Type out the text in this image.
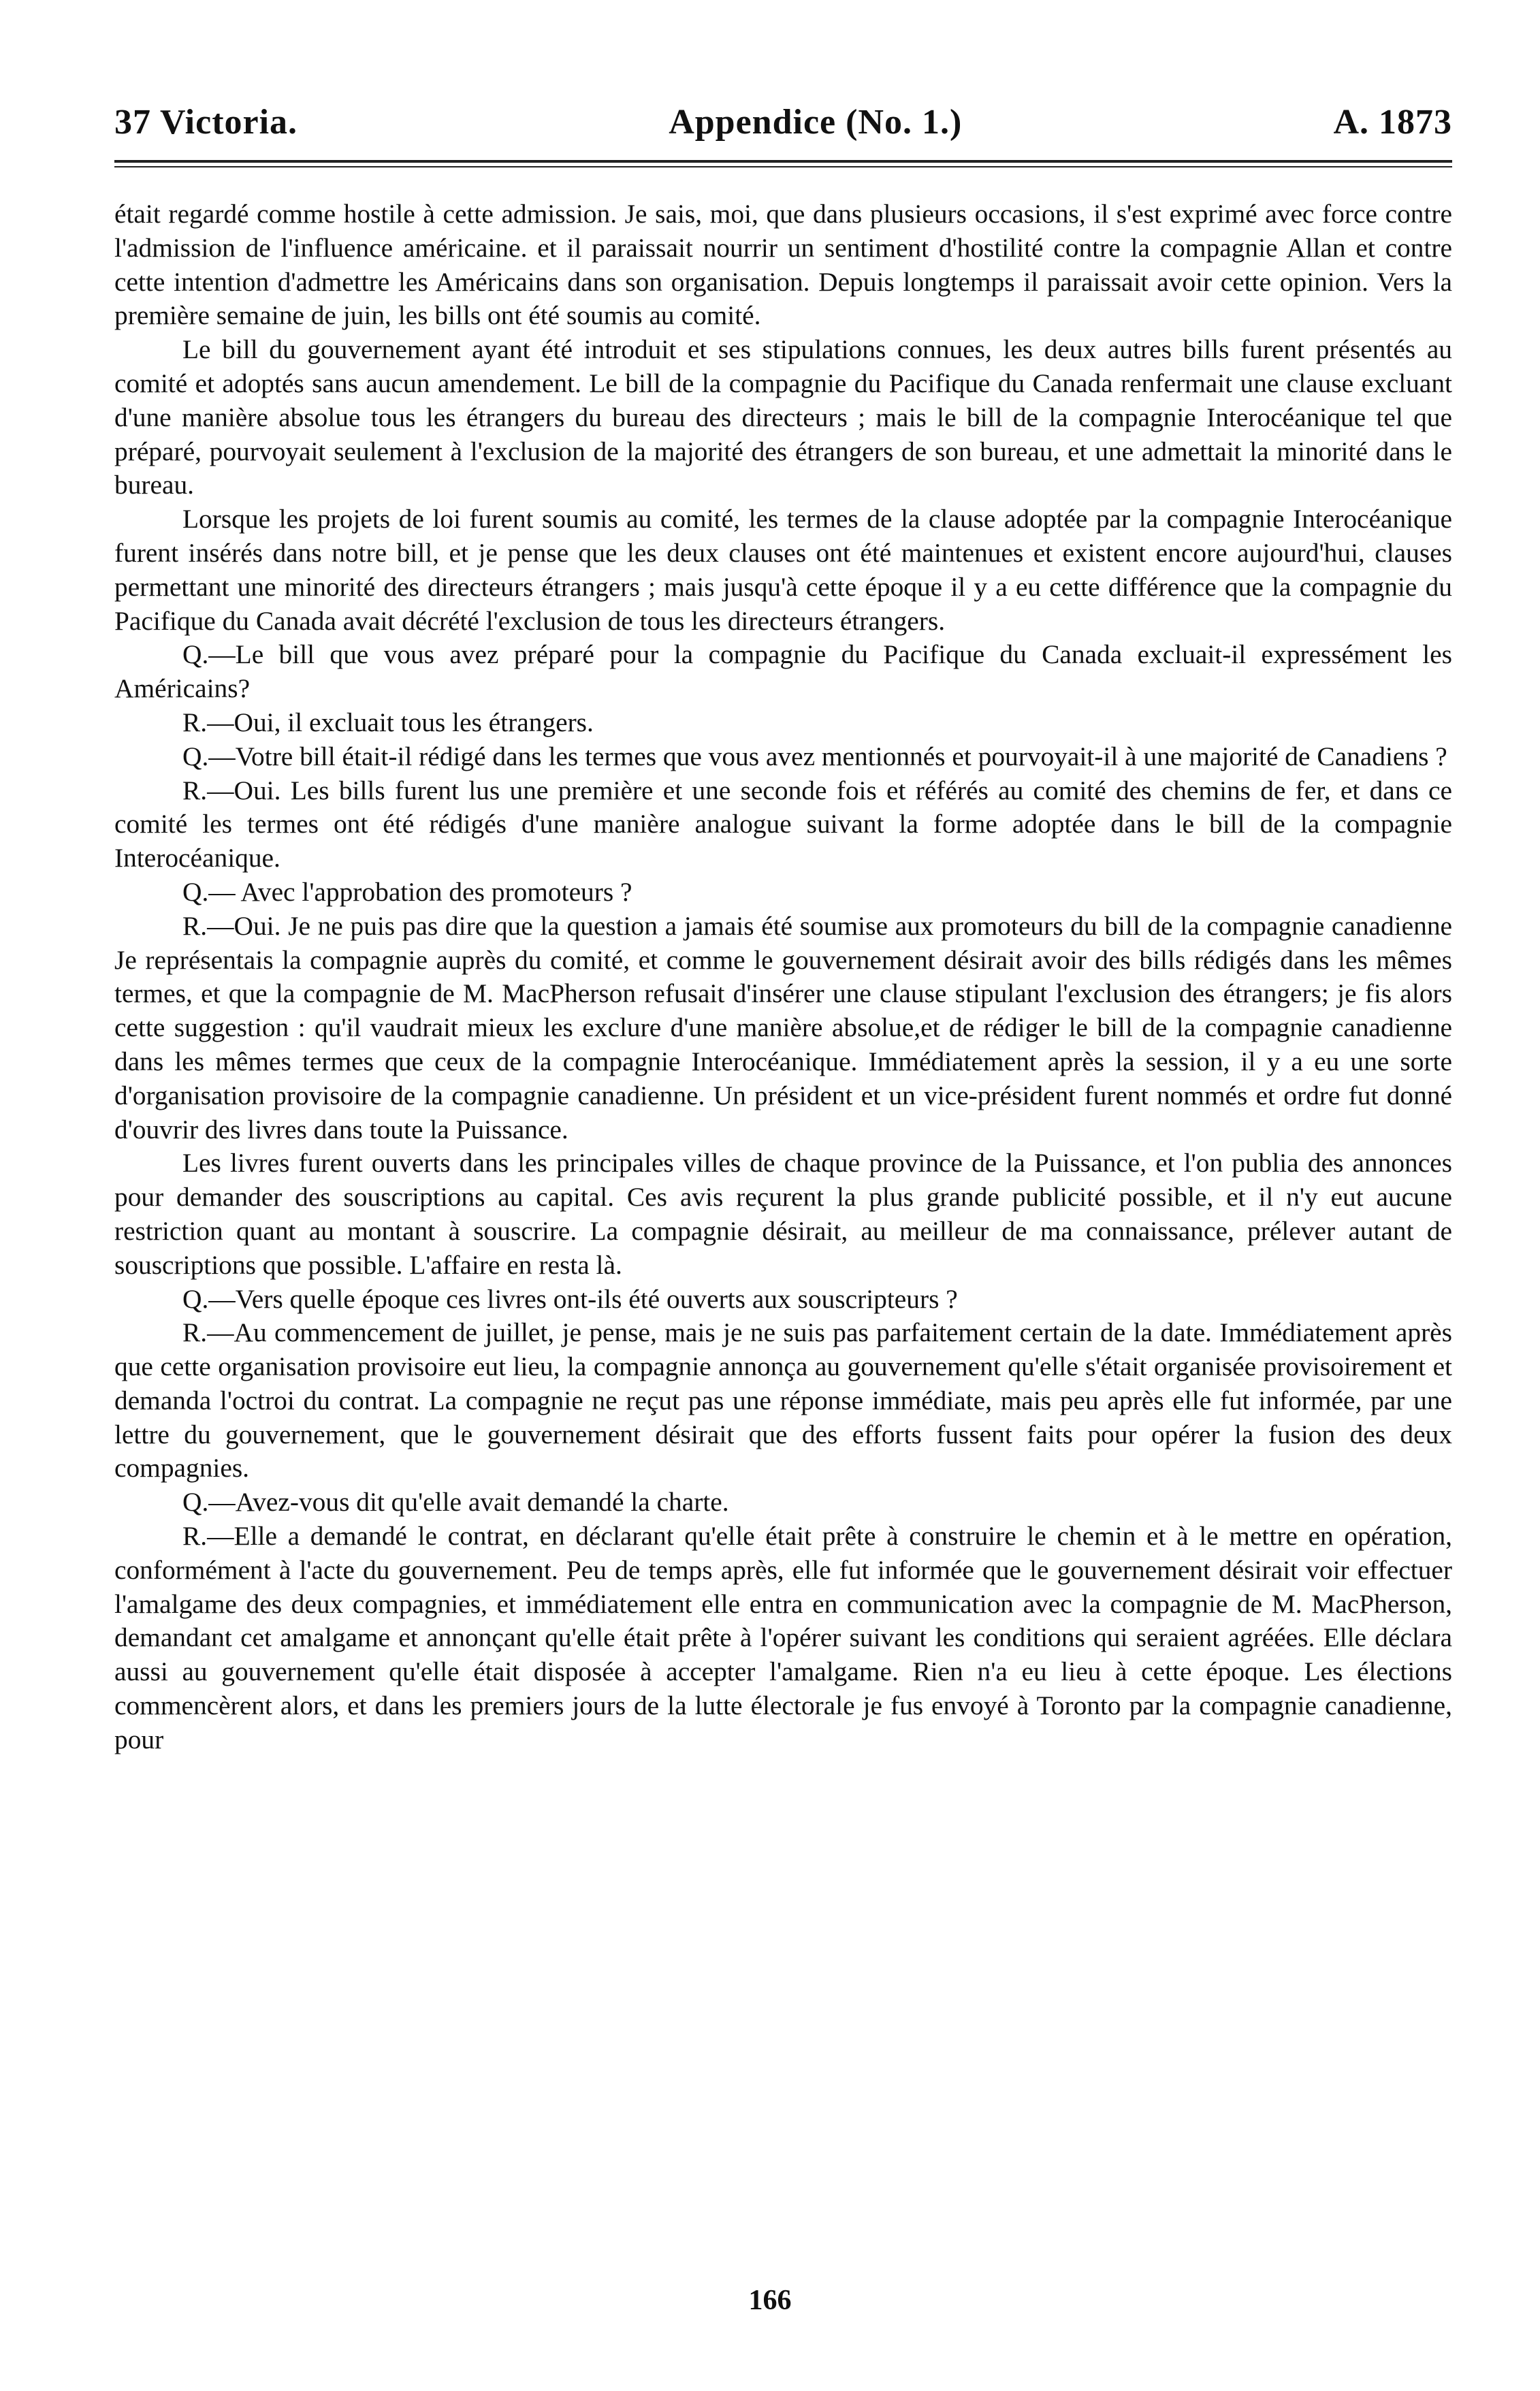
37 Victoria.	Appendice (No. 1.)	A. 1873

était regardé comme hostile à cette admission. Je sais, moi, que dans plusieurs occasions, il s'est exprimé avec force contre l'admission de l'influence américaine. et il paraissait nourrir un sentiment d'hostilité contre la compagnie Allan et contre cette intention d'admettre les Américains dans son organisation. Depuis longtemps il paraissait avoir cette opinion. Vers la première semaine de juin, les bills ont été soumis au comité.

Le bill du gouvernement ayant été introduit et ses stipulations connues, les deux autres bills furent présentés au comité et adoptés sans aucun amendement. Le bill de la compagnie du Pacifique du Canada renfermait une clause excluant d'une manière absolue tous les étrangers du bureau des directeurs ; mais le bill de la compagnie Interocéanique tel que préparé, pourvoyait seulement à l'exclusion de la majorité des étrangers de son bureau, et une admettait la minorité dans le bureau.

Lorsque les projets de loi furent soumis au comité, les termes de la clause adoptée par la compagnie Interocéanique furent insérés dans notre bill, et je pense que les deux clauses ont été maintenues et existent encore aujourd'hui, clauses permettant une minorité des directeurs étrangers ; mais jusqu'à cette époque il y a eu cette différence que la compagnie du Pacifique du Canada avait décrété l'exclusion de tous les directeurs étrangers.

Q.—Le bill que vous avez préparé pour la compagnie du Pacifique du Canada excluait-il expressément les Américains?

R.—Oui, il excluait tous les étrangers.

Q.—Votre bill était-il rédigé dans les termes que vous avez mentionnés et pourvoyait-il à une majorité de Canadiens ?

R.—Oui. Les bills furent lus une première et une seconde fois et référés au comité des chemins de fer, et dans ce comité les termes ont été rédigés d'une manière analogue suivant la forme adoptée dans le bill de la compagnie Interocéanique.

Q.— Avec l'approbation des promoteurs ?

R.—Oui. Je ne puis pas dire que la question a jamais été soumise aux promoteurs du bill de la compagnie canadienne Je représentais la compagnie auprès du comité, et comme le gouvernement désirait avoir des bills rédigés dans les mêmes termes, et que la compagnie de M. MacPherson refusait d'insérer une clause stipulant l'exclusion des étrangers; je fis alors cette suggestion : qu'il vaudrait mieux les exclure d'une manière absolue,et de rédiger le bill de la compagnie canadienne dans les mêmes termes que ceux de la compagnie Interocéanique. Immédiatement après la session, il y a eu une sorte d'organisation provisoire de la compagnie canadienne. Un président et un vice-président furent nommés et ordre fut donné d'ouvrir des livres dans toute la Puissance.

Les livres furent ouverts dans les principales villes de chaque province de la Puissance, et l'on publia des annonces pour demander des souscriptions au capital. Ces avis reçurent la plus grande publicité possible, et il n'y eut aucune restriction quant au montant à souscrire. La compagnie désirait, au meilleur de ma connaissance, prélever autant de souscriptions que possible. L'affaire en resta là.

Q.—Vers quelle époque ces livres ont-ils été ouverts aux souscripteurs ?

R.—Au commencement de juillet, je pense, mais je ne suis pas parfaitement certain de la date. Immédiatement après que cette organisation provisoire eut lieu, la compagnie annonça au gouvernement qu'elle s'était organisée provisoirement et demanda l'octroi du contrat. La compagnie ne reçut pas une réponse immédiate, mais peu après elle fut informée, par une lettre du gouvernement, que le gouvernement désirait que des efforts fussent faits pour opérer la fusion des deux compagnies.

Q.—Avez-vous dit qu'elle avait demandé la charte.

R.—Elle a demandé le contrat, en déclarant qu'elle était prête à construire le chemin et à le mettre en opération, conformément à l'acte du gouvernement. Peu de temps après, elle fut informée que le gouvernement désirait voir effectuer l'amalgame des deux compagnies, et immédiatement elle entra en communication avec la compagnie de M. MacPherson, demandant cet amalgame et annonçant qu'elle était prête à l'opérer suivant les conditions qui seraient agréées. Elle déclara aussi au gouvernement qu'elle était disposée à accepter l'amalgame. Rien n'a eu lieu à cette époque. Les élections commencèrent alors, et dans les premiers jours de la lutte électorale je fus envoyé à Toronto par la compagnie canadienne, pour

166
